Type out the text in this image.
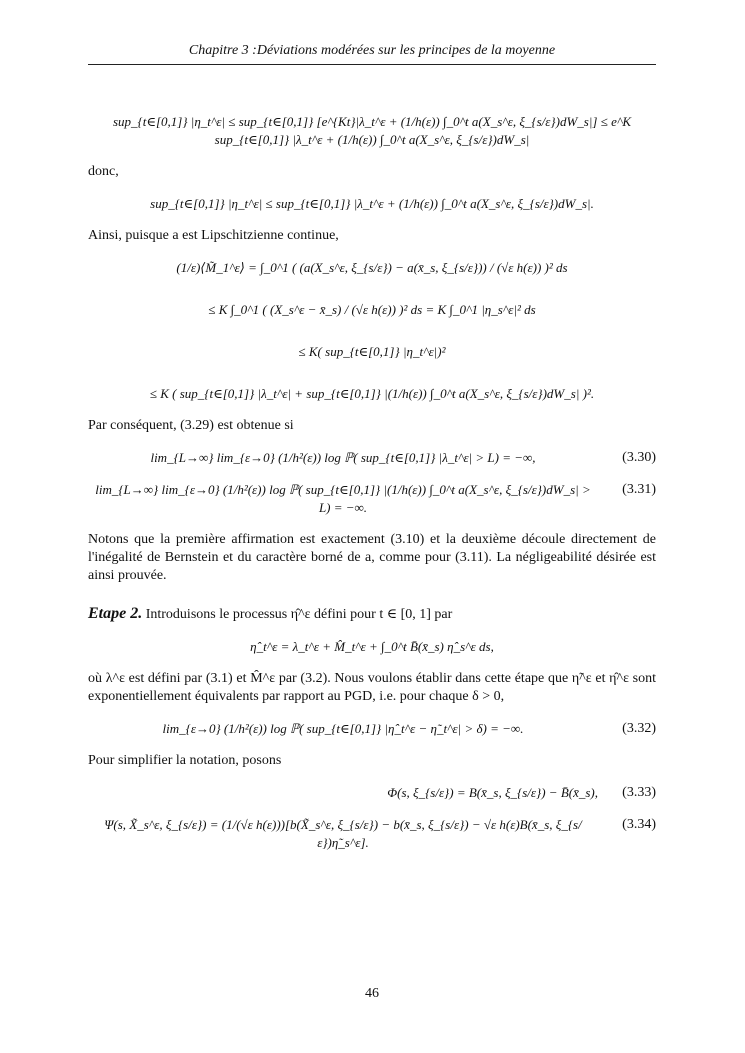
Chapitre 3 :Déviations modérées sur les principes de la moyenne
sup_{t∈[0,1]} |η_t^ε| ≤ sup_{t∈[0,1]} [e^{Kt}|λ_t^ε + (1/h(ε)) ∫_0^t a(X_s^ε, ξ_{s/ε})dW_s|] ≤ e^K sup_{t∈[0,1]} |λ_t^ε + (1/h(ε)) ∫_0^t a(X_s^ε, ξ_{s/ε})dW_s|
donc,
sup_{t∈[0,1]} |η_t^ε| ≤ sup_{t∈[0,1]} |λ_t^ε + (1/h(ε)) ∫_0^t a(X_s^ε, ξ_{s/ε})dW_s|.
Ainsi, puisque a est Lipschitzienne continue,
(1/ε)⟨M̃_1^ε⟩ = ∫_0^1 ( (a(X_s^ε, ξ_{s/ε}) − a(x̄_s, ξ_{s/ε})) / (√ε h(ε)) )² ds
≤ K ∫_0^1 ( (X_s^ε − x̄_s) / (√ε h(ε)) )² ds = K ∫_0^1 |η_s^ε|² ds
≤ K( sup_{t∈[0,1]} |η_t^ε|)²
≤ K ( sup_{t∈[0,1]} |λ_t^ε| + sup_{t∈[0,1]} |(1/h(ε)) ∫_0^t a(X_s^ε, ξ_{s/ε})dW_s| )².
Par conséquent, (3.29) est obtenue si
lim_{L→∞} lim_{ε→0} (1/h²(ε)) log ℙ( sup_{t∈[0,1]} |λ_t^ε| > L) = −∞,	(3.30)
lim_{L→∞} lim_{ε→0} (1/h²(ε)) log ℙ( sup_{t∈[0,1]} |(1/h(ε)) ∫_0^t a(X_s^ε, ξ_{s/ε})dW_s| > L) = −∞.
(3.31)
Notons que la première affirmation est exactement (3.10) et la deuxième découle directement de l'inégalité de Bernstein et du caractère borné de a, comme pour (3.11). La négligeabilité désirée est ainsi prouvée.
Etape 2. Introduisons le processus η̂^ε défini pour t ∈ [0, 1] par
η̂_t^ε = λ_t^ε + M̂_t^ε + ∫_0^t B̄(x̄_s) η̂_s^ε ds,
où λ^ε est défini par (3.1) et M̂^ε par (3.2). Nous voulons établir dans cette étape que η̃^ε et η̂^ε sont exponentiellement équivalents par rapport au PGD, i.e. pour chaque δ > 0,
lim_{ε→0} (1/h²(ε)) log ℙ( sup_{t∈[0,1]} |η̂_t^ε − η̃_t^ε| > δ) = −∞.	(3.32)
Pour simplifier la notation, posons
Φ(s, ξ_{s/ε}) = B(x̄_s, ξ_{s/ε}) − B̄(x̄_s),	(3.33)
Ψ(s, X̃_s^ε, ξ_{s/ε}) = (1/(√ε h(ε)))[b(X̃_s^ε, ξ_{s/ε}) − b(x̄_s, ξ_{s/ε}) − √ε h(ε)B(x̄_s, ξ_{s/ε})η̃_s^ε].
(3.34)
46
